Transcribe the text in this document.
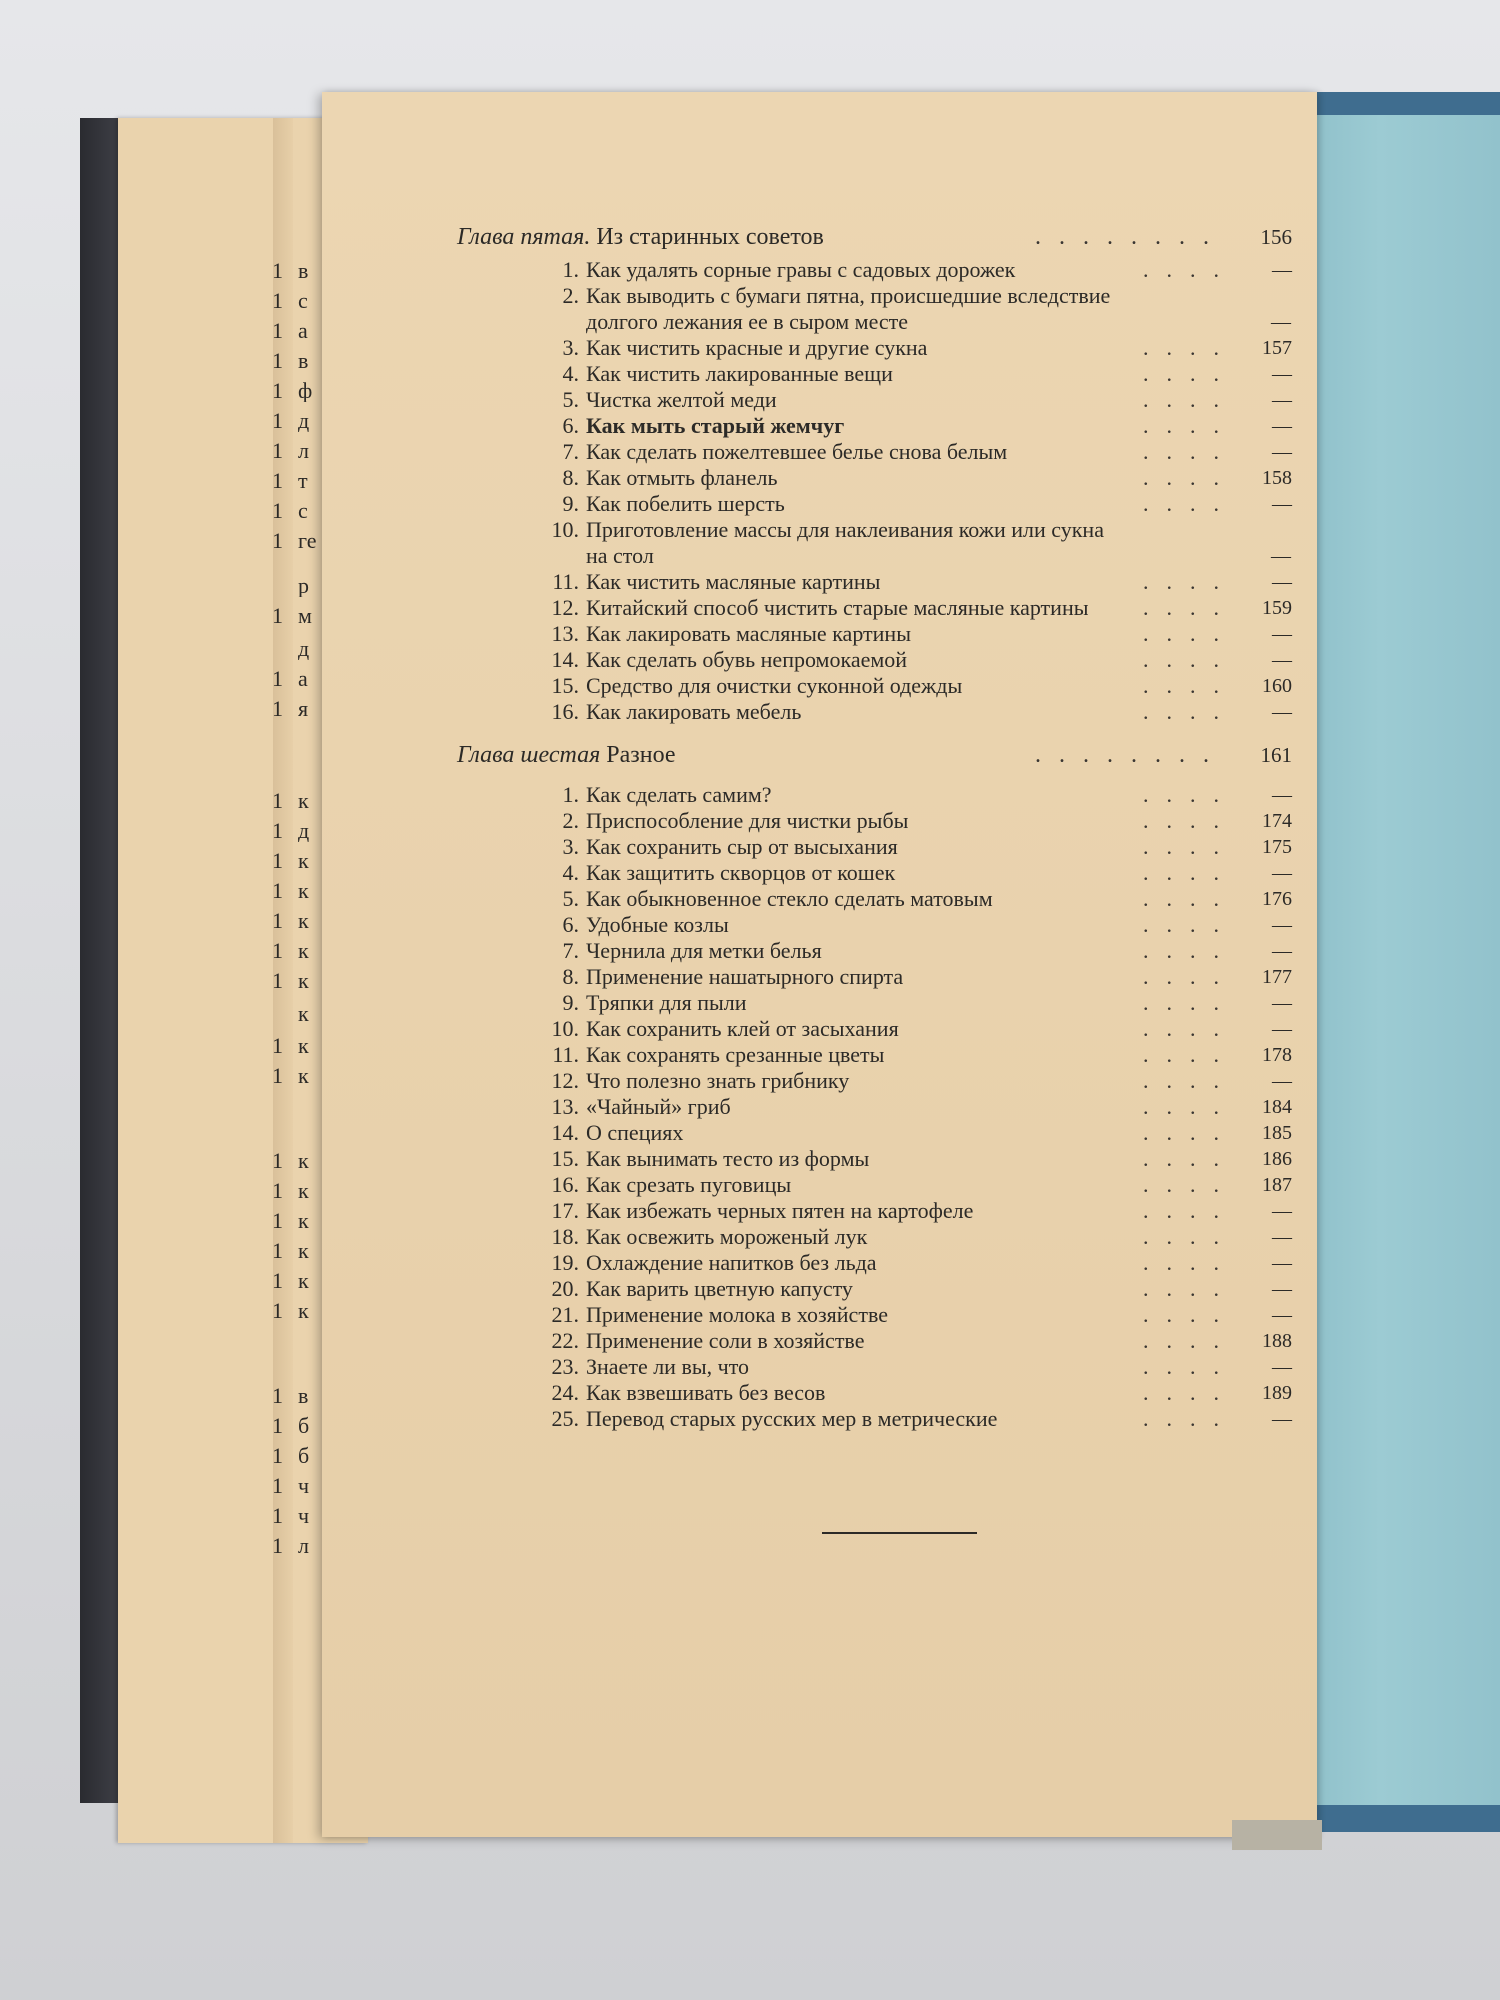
1 в
1 с
1 а
1 в
1 ф
1 д
1 л
1 т
1 с
1 ге
р
1 м
д
1 а
1 я
1 к
1 д
1 к
1 к
1 к
1 к
1 к
к
1 к
1 к
1 к
1 к
1 к
1 к
1 к
1 к
1 в
1 б
1 б
1 ч
1 ч
1 л
Глава пятая. Из старинных советов	........ 156
1. Как удалять сорные гравы с садовых дорожек	.... —
2. Как выводить с бумаги пятна, происшедшие вследствие
долгого лежания ее в сыром месте	—
3. Как чистить красные и другие сукна	.... 157
4. Как чистить лакированные вещи	.... —
5. Чистка желтой меди	.... —
6. Как мыть старый жемчуг	.... —
7. Как сделать пожелтевшее белье снова белым	.... —
8. Как отмыть фланель	.... 158
9. Как побелить шерсть	.... —
10. Приготовление массы для наклеивания кожи или сукна
на стол	—
11. Как чистить масляные картины	.... —
12. Китайский способ чистить старые масляные картины .... 159
13. Как лакировать масляные картины	.... —
14. Как сделать обувь непромокаемой	.... —
15. Средство для очистки суконной одежды	.... 160
16. Как лакировать мебель	.... —
Глава шестая Разное	........ 161
1. Как сделать самим?	.... —
2. Приспособление для чистки рыбы	.... 174
3. Как сохранить сыр от высыхания	.... 175
4. Как защитить скворцов от кошек	.... —
5. Как обыкновенное стекло сделать матовым	.... 176
6. Удобные козлы	.... —
7. Чернила для метки белья	.... —
8. Применение нашатырного спирта	.... 177
9. Тряпки для пыли	.... —
10. Как сохранить клей от засыхания	.... —
11. Как сохранять срезанные цветы	.... 178
12. Что полезно знать грибнику	.... —
13. «Чайный» гриб	.... 184
14. О специях	.... 185
15. Как вынимать тесто из формы	.... 186
16. Как срезать пуговицы	.... 187
17. Как избежать черных пятен на картофеле	.... —
18. Как освежить мороженый лук	.... —
19. Охлаждение напитков без льда	.... —
20. Как варить цветную капусту	.... —
21. Применение молока в хозяйстве	.... —
22. Применение соли в хозяйстве	.... 188
23. Знаете ли вы, что	.... —
24. Как взвешивать без весов	.... 189
25. Перевод старых русских мер в метрические	.... —
